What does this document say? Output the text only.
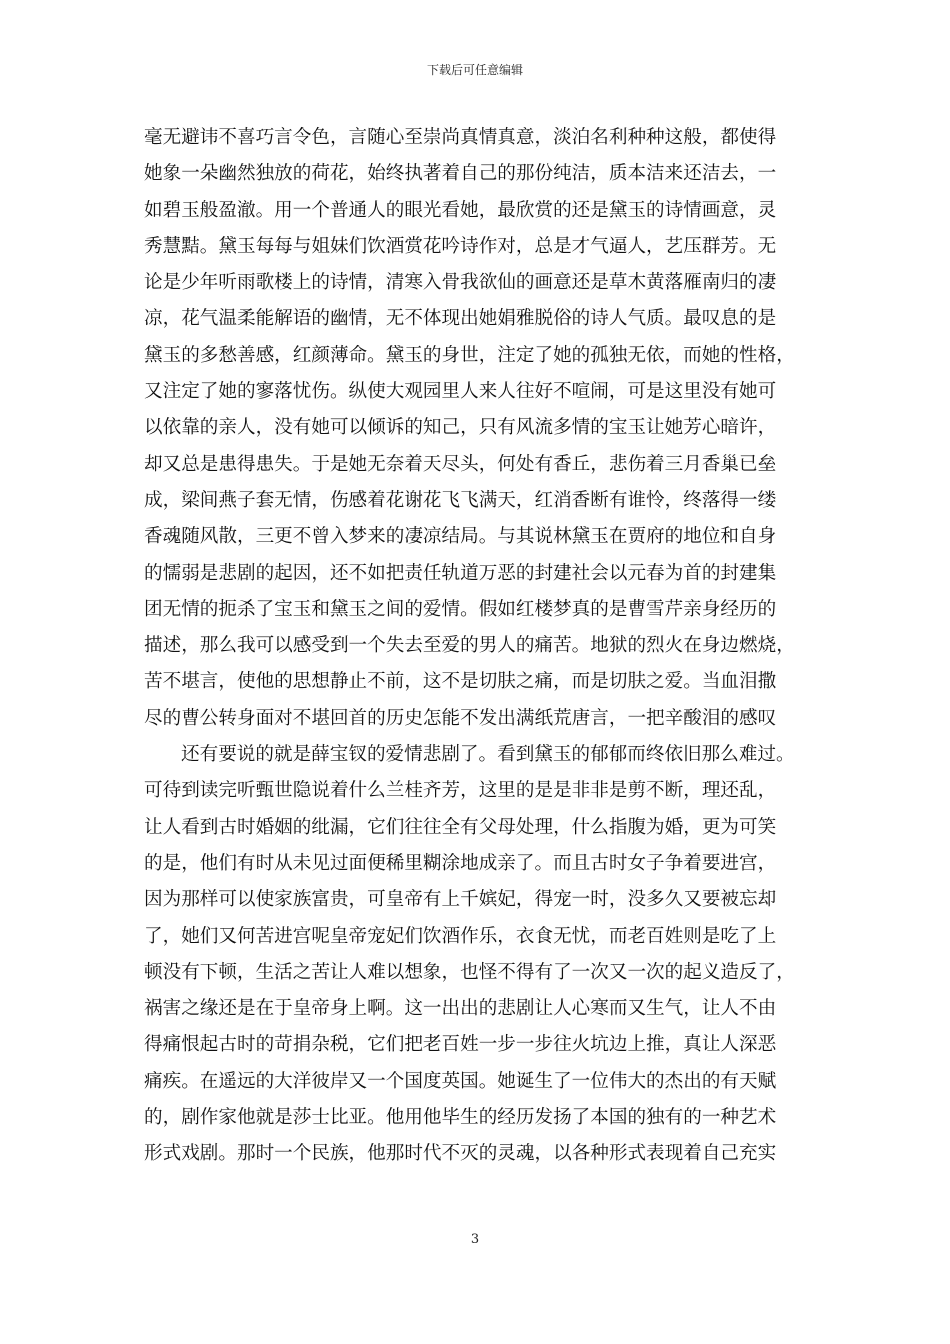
下载后可任意编辑
毫无避讳不喜巧言令色，言随心至崇尚真情真意，淡泊名利种种这般，都使得
她象一朵幽然独放的荷花，始终执著着自己的那份纯洁，质本洁来还洁去，一
如碧玉般盈澈。用一个普通人的眼光看她，最欣赏的还是黛玉的诗情画意，灵
秀慧黠。黛玉每每与姐妹们饮酒赏花吟诗作对，总是才气逼人，艺压群芳。无
论是少年听雨歌楼上的诗情，清寒入骨我欲仙的画意还是草木黄落雁南归的凄
凉，花气温柔能解语的幽情，无不体现出她娟雅脱俗的诗人气质。最叹息的是
黛玉的多愁善感，红颜薄命。黛玉的身世，注定了她的孤独无依，而她的性格，
又注定了她的寥落忧伤。纵使大观园里人来人往好不喧闹，可是这里没有她可
以依靠的亲人，没有她可以倾诉的知己，只有风流多情的宝玉让她芳心暗许，
却又总是患得患失。于是她无奈着天尽头，何处有香丘，悲伤着三月香巢已垒
成，梁间燕子套无情，伤感着花谢花飞飞满天，红消香断有谁怜，终落得一缕
香魂随风散，三更不曾入梦来的凄凉结局。与其说林黛玉在贾府的地位和自身
的懦弱是悲剧的起因，还不如把责任轨道万恶的封建社会以元春为首的封建集
团无情的扼杀了宝玉和黛玉之间的爱情。假如红楼梦真的是曹雪芹亲身经历的
描述，那么我可以感受到一个失去至爱的男人的痛苦。地狱的烈火在身边燃烧，
苦不堪言，使他的思想静止不前，这不是切肤之痛，而是切肤之爱。当血泪撒
尽的曹公转身面对不堪回首的历史怎能不发出满纸荒唐言，一把辛酸泪的感叹
还有要说的就是薛宝钗的爱情悲剧了。看到黛玉的郁郁而终依旧那么难过。
可待到读完听甄世隐说着什么兰桂齐芳，这里的是是非非是剪不断，理还乱，
让人看到古时婚姻的纰漏，它们往往全有父母处理，什么指腹为婚，更为可笑
的是，他们有时从未见过面便稀里糊涂地成亲了。而且古时女子争着要进宫，
因为那样可以使家族富贵，可皇帝有上千嫔妃，得宠一时，没多久又要被忘却
了，她们又何苦进宫呢皇帝宠妃们饮酒作乐，衣食无忧，而老百姓则是吃了上
顿没有下顿，生活之苦让人难以想象，也怪不得有了一次又一次的起义造反了，
祸害之缘还是在于皇帝身上啊。这一出出的悲剧让人心寒而又生气，让人不由
得痛恨起古时的苛捐杂税，它们把老百姓一步一步往火坑边上推，真让人深恶
痛疾。在遥远的大洋彼岸又一个国度英国。她诞生了一位伟大的杰出的有天赋
的，剧作家他就是莎士比亚。他用他毕生的经历发扬了本国的独有的一种艺术
形式戏剧。那时一个民族，他那时代不灭的灵魂，以各种形式表现着自己充实
3
